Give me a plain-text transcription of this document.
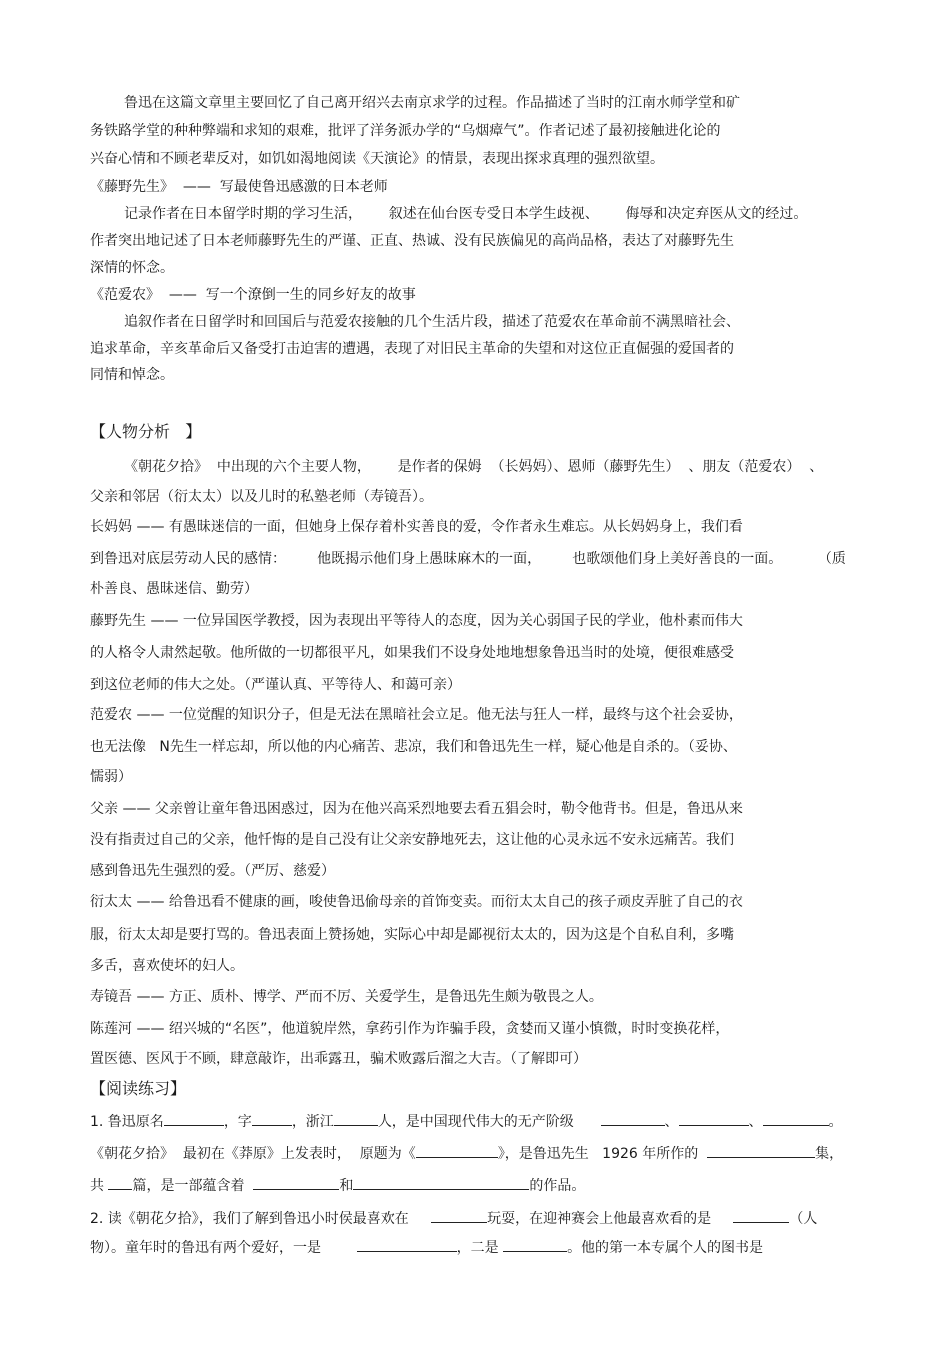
鲁迅在这篇文章里主要回忆了自己离开绍兴去南京求学的过程。作品描述了当时的江南水师学堂和矿
务铁路学堂的种种弊端和求知的艰难，批评了洋务派办学的“乌烟瘴气”。作者记述了最初接触进化论的
兴奋心情和不顾老辈反对，如饥如渴地阅读《天演论》的情景，表现出探求真理的强烈欲望。
《藤野先生》  ——  写最使鲁迅感激的日本老师
记录作者在日本留学时期的学习生活，      叙述在仙台医专受日本学生歧视、      侮辱和决定弃医从文的经过。
作者突出地记述了日本老师藤野先生的严谨、正直、热诚、没有民族偏见的高尚品格，表达了对藤野先生
深情的怀念。
《范爱农》  ——  写一个潦倒一生的同乡好友的故事
追叙作者在日留学时和回国后与范爱农接触的几个生活片段，描述了范爱农在革命前不满黑暗社会、
追求革命，辛亥革命后又备受打击迫害的遭遇，表现了对旧民主革命的失望和对这位正直倔强的爱国者的
同情和悼念。
【人物分析   】
《朝花夕拾》  中出现的六个主要人物，      是作者的保姆  （长妈妈）、恩师（藤野先生）  、朋友（范爱农）  、
父亲和邻居（衍太太）以及儿时的私塾老师（寿镜吾）。
长妈妈 —— 有愚昧迷信的一面，但她身上保存着朴实善良的爱，令作者永生难忘。从长妈妈身上，我们看
到鲁迅对底层劳动人民的感情：       他既揭示他们身上愚昧麻木的一面，       也歌颂他们身上美好善良的一面。        （质
朴善良、愚昧迷信、勤劳）
藤野先生 —— 一位异国医学教授，因为表现出平等待人的态度，因为关心弱国子民的学业，他朴素而伟大
的人格令人肃然起敬。他所做的一切都很平凡，如果我们不设身处地地想象鲁迅当时的处境，便很难感受
到这位老师的伟大之处。（严谨认真、平等待人、和蔼可亲）
范爱农 —— 一位觉醒的知识分子，但是无法在黑暗社会立足。他无法与狂人一样，最终与这个社会妥协，
也无法像   N先生一样忘却，所以他的内心痛苦、悲凉，我们和鲁迅先生一样，疑心他是自杀的。（妥协、
懦弱）
父亲 —— 父亲曾让童年鲁迅困惑过，因为在他兴高采烈地要去看五猖会时，勒令他背书。但是，鲁迅从来
没有指责过自己的父亲，他忏悔的是自己没有让父亲安静地死去，这让他的心灵永远不安永远痛苦。我们
感到鲁迅先生强烈的爱。（严厉、慈爱）
衍太太 —— 给鲁迅看不健康的画，唆使鲁迅偷母亲的首饰变卖。而衍太太自己的孩子顽皮弄脏了自己的衣
服，衍太太却是要打骂的。鲁迅表面上赞扬她，实际心中却是鄙视衍太太的，因为这是个自私自利，多嘴
多舌，喜欢使坏的妇人。
寿镜吾 —— 方正、质朴、博学、严而不厉、关爱学生，是鲁迅先生颇为敬畏之人。
陈莲河 —— 绍兴城的“名医”，他道貌岸然，拿药引作为诈骗手段，贪婪而又谨小慎微，时时变换花样，
置医德、医风于不顾，肆意敲诈，出乖露丑，骗术败露后溜之大吉。（了解即可）
【阅读练习】
1. 鲁迅原名	，字	，浙江	人，是中国现代伟大的无产阶级	、	、	。
《朝花夕拾》  最初在《莽原》上发表时，  原题为《	》，是鲁迅先生   1926 年所作的	集，
共 篇，是一部蕴含着	和	的作品。
2. 读《朝花夕拾》，我们了解到鲁迅小时侯最喜欢在	玩耍，在迎神赛会上他最喜欢看的是	（人
物）。童年时的鲁迅有两个爱好，一是	，二是	。他的第一本专属个人的图书是
